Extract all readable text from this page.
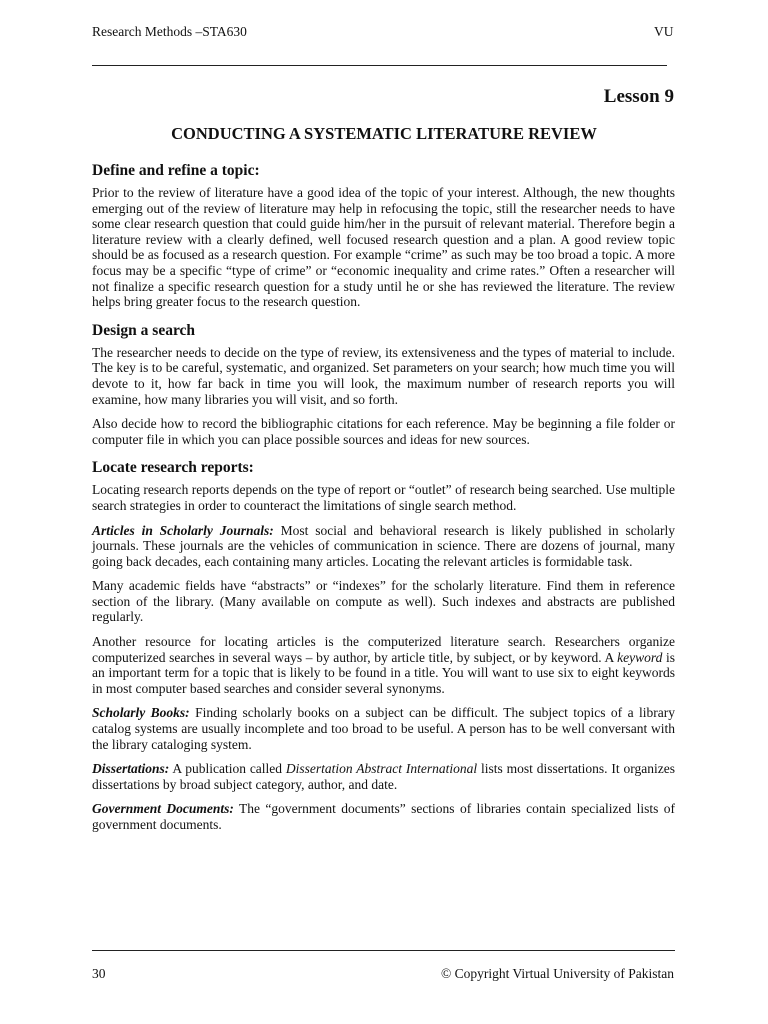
Research Methods –STA630	VU
Lesson 9
CONDUCTING A SYSTEMATIC LITERATURE REVIEW
Define and refine a topic:

Prior to the review of literature have a good idea of the topic of your interest. Although, the new thoughts emerging out of the review of literature may help in refocusing the topic, still the researcher needs to have some clear research question that could guide him/her in the pursuit of relevant material. Therefore begin a literature review with a clearly defined, well focused research question and a plan. A good review topic should be as focused as a research question. For example “crime” as such may be too broad a topic. A more focus may be a specific “type of crime” or “economic inequality and crime rates.” Often a researcher will not finalize a specific research question for a study until he or she has reviewed the literature. The review helps bring greater focus to the research question.

Design a search

The researcher needs to decide on the type of review, its extensiveness and the types of material to include. The key is to be careful, systematic, and organized. Set parameters on your search; how much time you will devote to it, how far back in time you will look, the maximum number of research reports you will examine, how many libraries you will visit, and so forth.

Also decide how to record the bibliographic citations for each reference. May be beginning a file folder or computer file in which you can place possible sources and ideas for new sources.

Locate research reports:

Locating research reports depends on the type of report or “outlet” of research being searched. Use multiple search strategies in order to counteract the limitations of single search method.

Articles in Scholarly Journals: Most social and behavioral research is likely published in scholarly journals. These journals are the vehicles of communication in science. There are dozens of journal, many going back decades, each containing many articles. Locating the relevant articles is formidable task.

Many academic fields have “abstracts” or “indexes” for the scholarly literature. Find them in reference section of the library. (Many available on compute as well). Such indexes and abstracts are published regularly.

Another resource for locating articles is the computerized literature search. Researchers organize computerized searches in several ways – by author, by article title, by subject, or by keyword. A keyword is an important term for a topic that is likely to be found in a title. You will want to use six to eight keywords in most computer based searches and consider several synonyms.

Scholarly Books: Finding scholarly books on a subject can be difficult. The subject topics of a library catalog systems are usually incomplete and too broad to be useful. A person has to be well conversant with the library cataloging system.

Dissertations: A publication called Dissertation Abstract International lists most dissertations. It organizes dissertations by broad subject category, author, and date.

Government Documents: The “government documents” sections of libraries contain specialized lists of government documents.

30	© Copyright Virtual University of Pakistan
